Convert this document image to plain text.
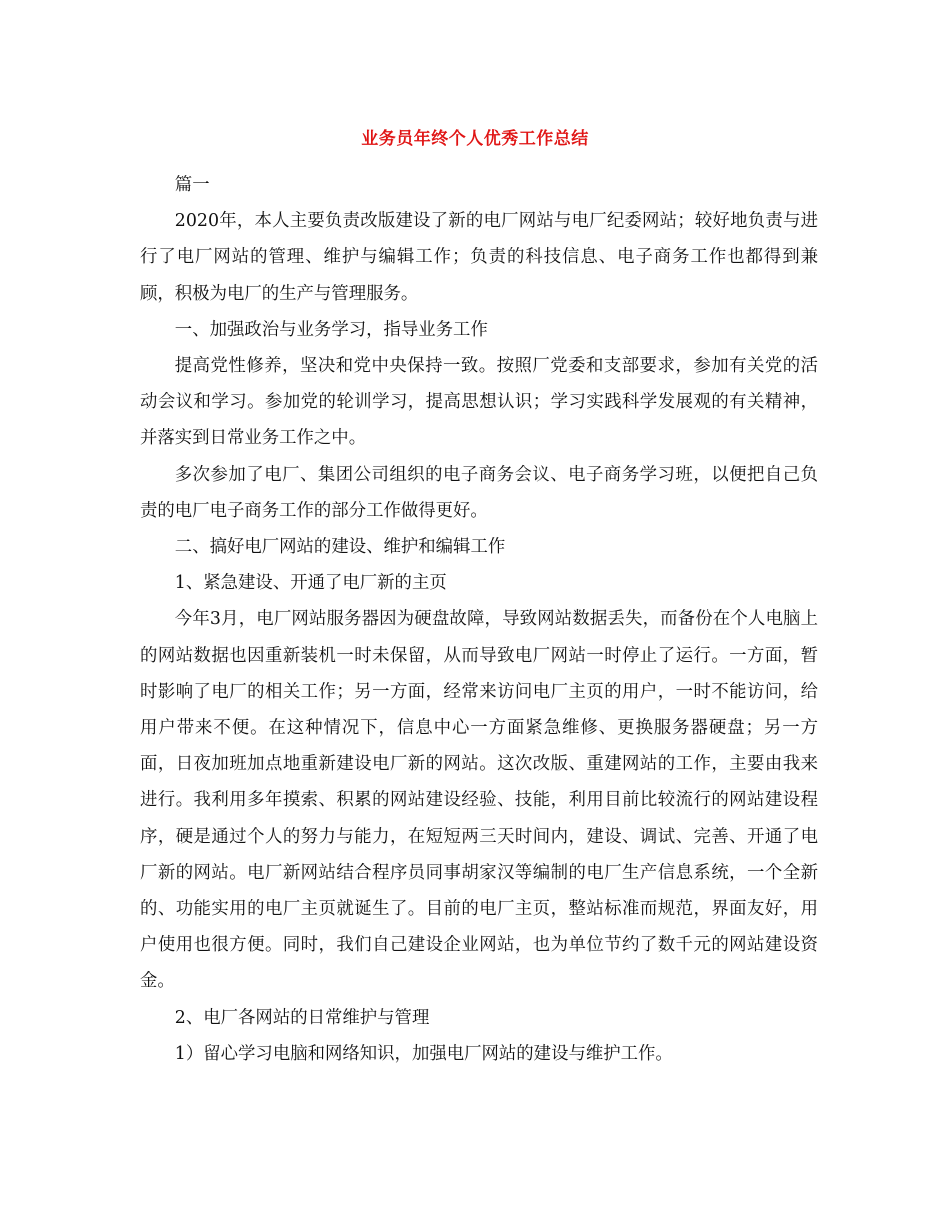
业务员年终个人优秀工作总结

篇一

2020年，本人主要负责改版建设了新的电厂网站与电厂纪委网站；较好地负责与进行了电厂网站的管理、维护与编辑工作；负责的科技信息、电子商务工作也都得到兼顾，积极为电厂的生产与管理服务。

一、加强政治与业务学习，指导业务工作

提高党性修养，坚决和党中央保持一致。按照厂党委和支部要求，参加有关党的活动会议和学习。参加党的轮训学习，提高思想认识；学习实践科学发展观的有关精神，并落实到日常业务工作之中。

多次参加了电厂、集团公司组织的电子商务会议、电子商务学习班，以便把自己负责的电厂电子商务工作的部分工作做得更好。

二、搞好电厂网站的建设、维护和编辑工作

1、紧急建设、开通了电厂新的主页

今年3月，电厂网站服务器因为硬盘故障，导致网站数据丢失，而备份在个人电脑上的网站数据也因重新装机一时未保留，从而导致电厂网站一时停止了运行。一方面，暂时影响了电厂的相关工作；另一方面，经常来访问电厂主页的用户，一时不能访问，给用户带来不便。在这种情况下，信息中心一方面紧急维修、更换服务器硬盘；另一方面，日夜加班加点地重新建设电厂新的网站。这次改版、重建网站的工作，主要由我来进行。我利用多年摸索、积累的网站建设经验、技能，利用目前比较流行的网站建设程序，硬是通过个人的努力与能力，在短短两三天时间内，建设、调试、完善、开通了电厂新的网站。电厂新网站结合程序员同事胡家汉等编制的电厂生产信息系统，一个全新的、功能实用的电厂主页就诞生了。目前的电厂主页，整站标准而规范，界面友好，用户使用也很方便。同时，我们自己建设企业网站，也为单位节约了数千元的网站建设资金。

2、电厂各网站的日常维护与管理

1）留心学习电脑和网络知识，加强电厂网站的建设与维护工作。
